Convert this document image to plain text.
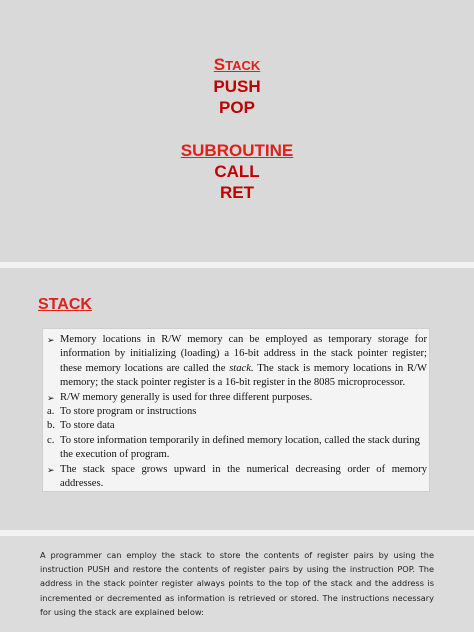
STACK
PUSH
POP
SUBROUTINE
CALL
RET
STACK
➢ Memory locations in R/W memory can be employed as temporary storage for information by initializing (loading) a 16-bit address in the stack pointer register; these memory locations are called the stack. The stack is memory locations in R/W memory; the stack pointer register is a 16-bit register in the 8085 microprocessor.
➢ R/W memory generally is used for three different purposes.
a. To store program or instructions
b. To store data
c. To store information temporarily in defined memory location, called the stack during the execution of program.
➢ The stack space grows upward in the numerical decreasing order of memory addresses.
A programmer can employ the stack to store the contents of register pairs by using the instruction PUSH and restore the contents of register pairs by using the instruction POP. The address in the stack pointer register always points to the top of the stack and the address is incremented or decremented as information is retrieved or stored. The instructions necessary for using the stack are explained below:
